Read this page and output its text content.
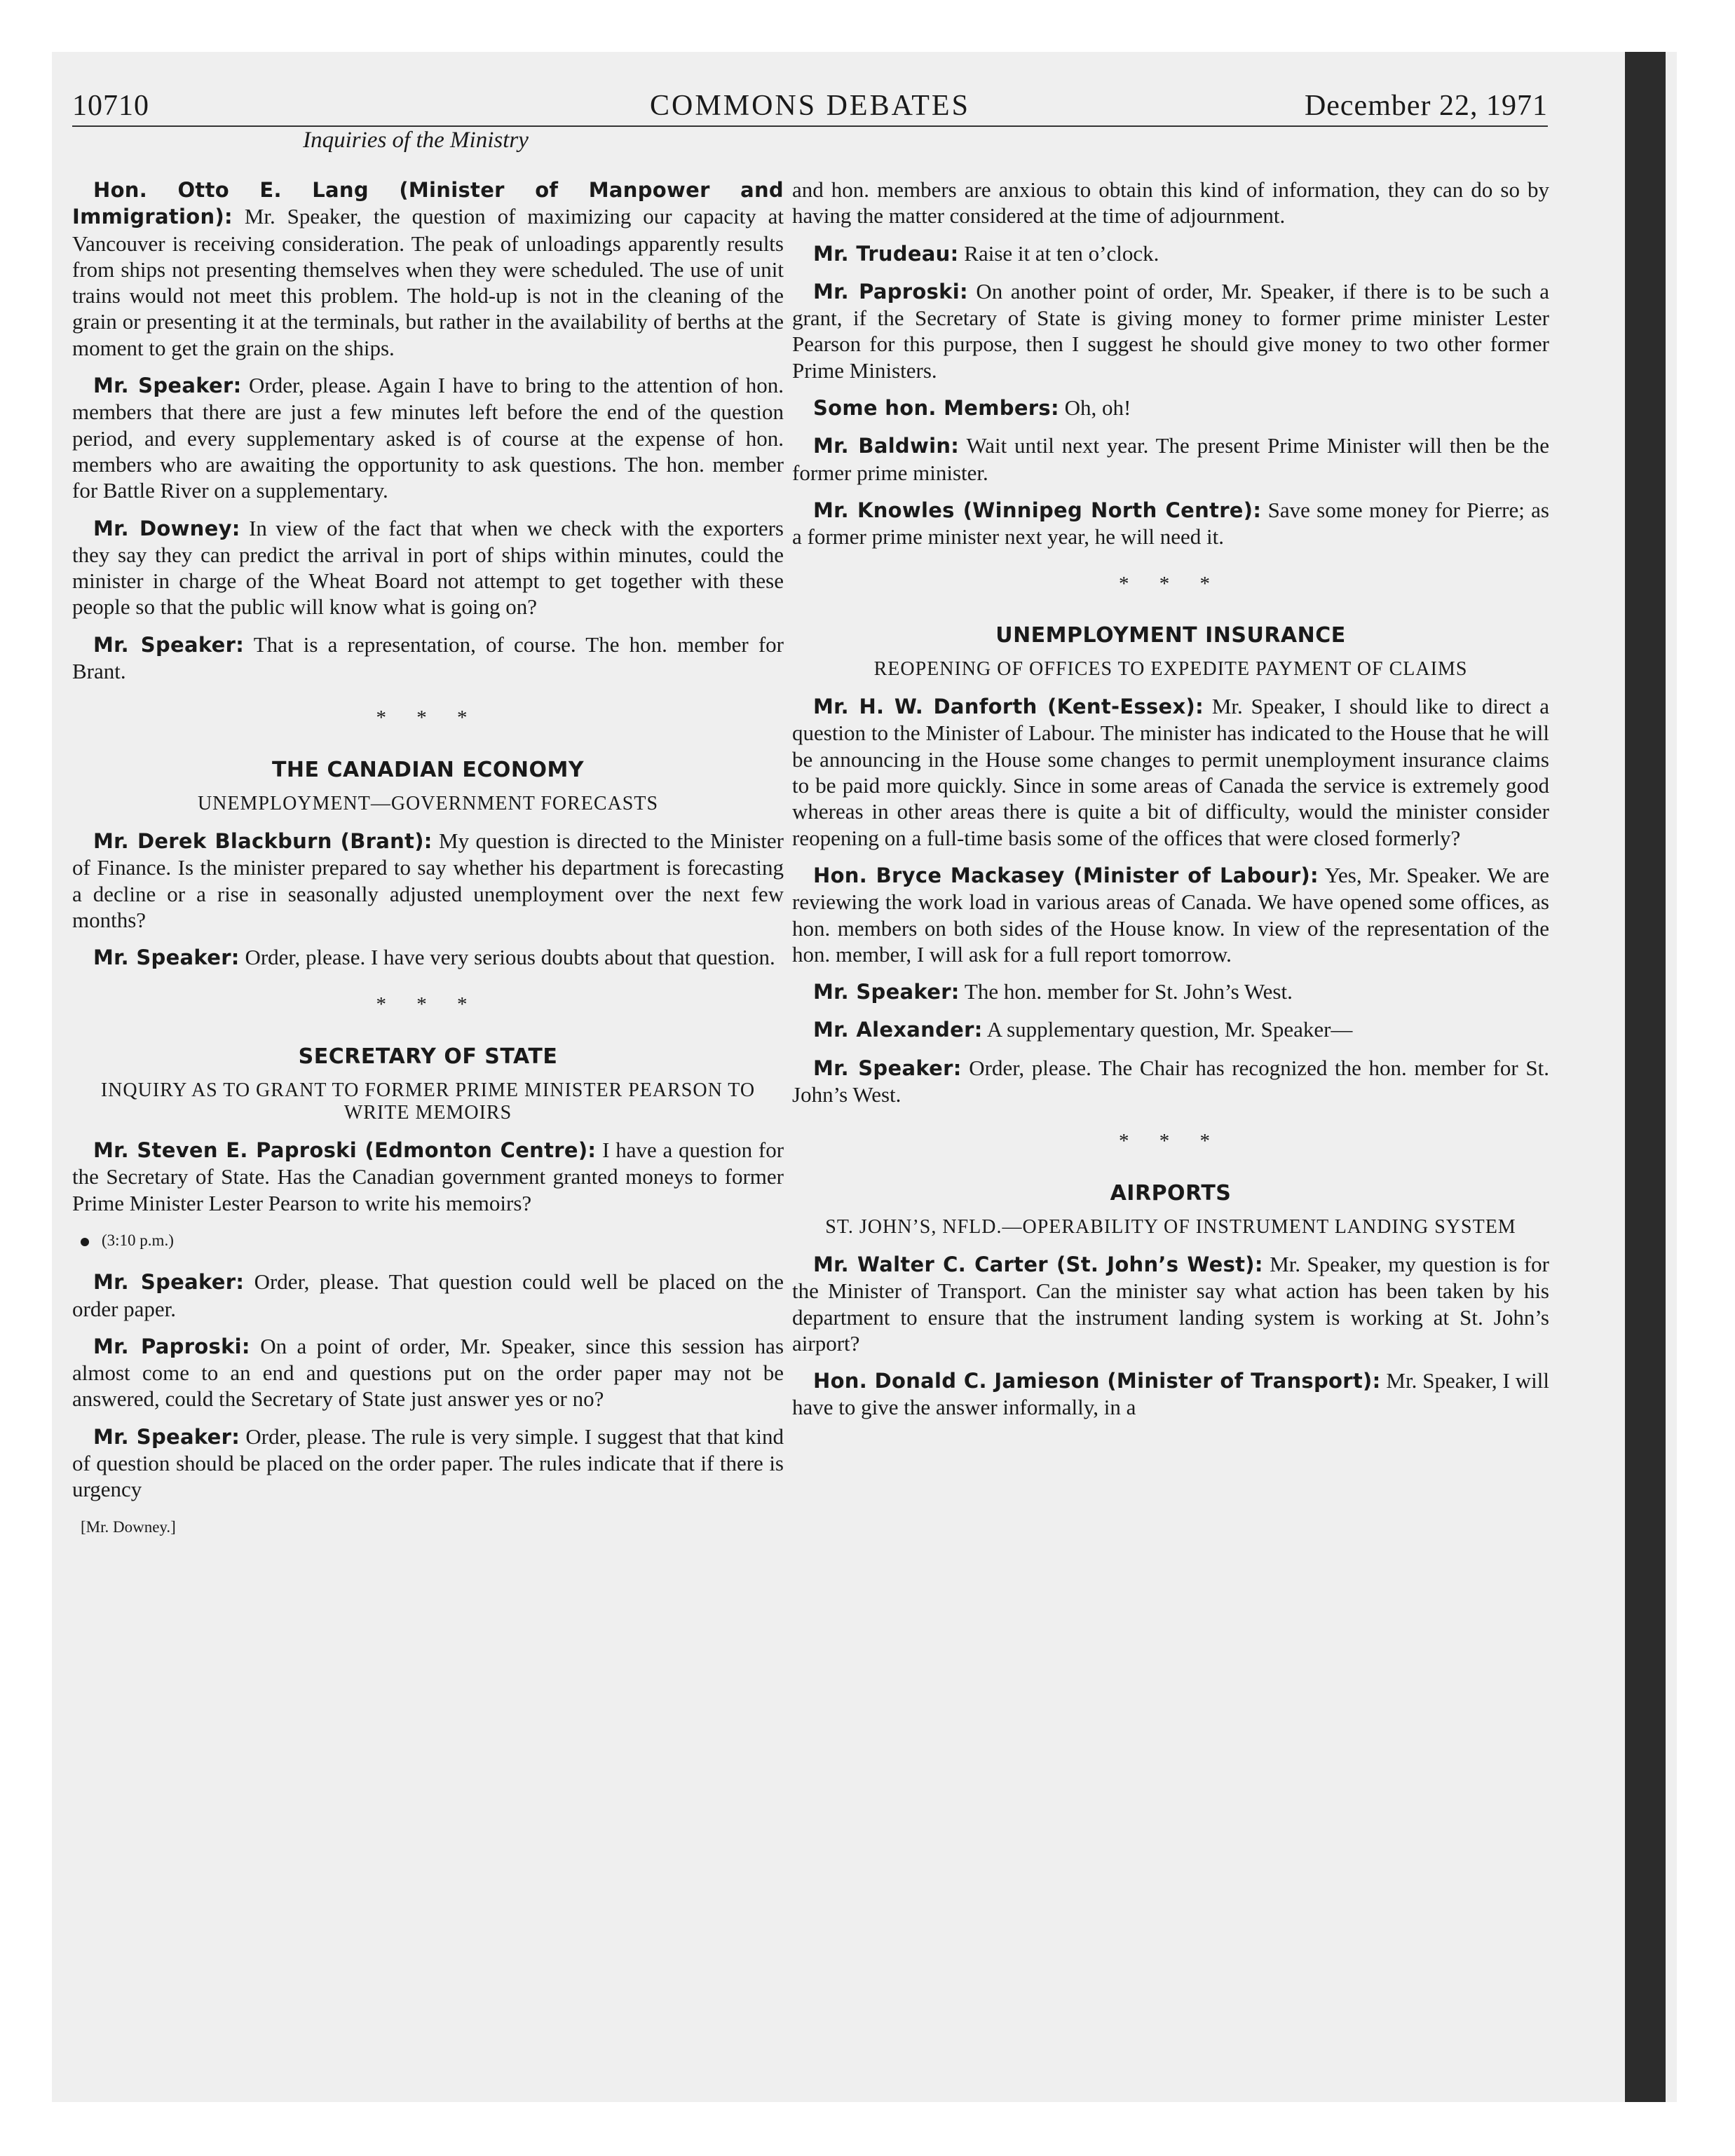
10710	COMMONS DEBATES	December 22, 1971
Inquiries of the Ministry

Hon. Otto E. Lang (Minister of Manpower and Immigration): Mr. Speaker, the question of maximizing our capacity at Vancouver is receiving consideration. The peak of unloadings apparently results from ships not presenting themselves when they were scheduled. The use of unit trains would not meet this problem. The hold-up is not in the cleaning of the grain or presenting it at the terminals, but rather in the availability of berths at the moment to get the grain on the ships.

Mr. Speaker: Order, please. Again I have to bring to the attention of hon. members that there are just a few minutes left before the end of the question period, and every supplementary asked is of course at the expense of hon. members who are awaiting the opportunity to ask questions. The hon. member for Battle River on a supplementary.

Mr. Downey: In view of the fact that when we check with the exporters they say they can predict the arrival in port of ships within minutes, could the minister in charge of the Wheat Board not attempt to get together with these people so that the public will know what is going on?

Mr. Speaker: That is a representation, of course. The hon. member for Brant.

* * *
THE CANADIAN ECONOMY
UNEMPLOYMENT—GOVERNMENT FORECASTS

Mr. Derek Blackburn (Brant): My question is directed to the Minister of Finance. Is the minister prepared to say whether his department is forecasting a decline or a rise in seasonally adjusted unemployment over the next few months?

Mr. Speaker: Order, please. I have very serious doubts about that question.

* * *
SECRETARY OF STATE
INQUIRY AS TO GRANT TO FORMER PRIME MINISTER PEARSON TO WRITE MEMOIRS

Mr. Steven E. Paproski (Edmonton Centre): I have a question for the Secretary of State. Has the Canadian government granted moneys to former Prime Minister Lester Pearson to write his memoirs?

(3:10 p.m.)

Mr. Speaker: Order, please. That question could well be placed on the order paper.

Mr. Paproski: On a point of order, Mr. Speaker, since this session has almost come to an end and questions put on the order paper may not be answered, could the Secretary of State just answer yes or no?

Mr. Speaker: Order, please. The rule is very simple. I suggest that that kind of question should be placed on the order paper. The rules indicate that if there is urgency

[Mr. Downey.]

and hon. members are anxious to obtain this kind of information, they can do so by having the matter considered at the time of adjournment.

Mr. Trudeau: Raise it at ten o’clock.

Mr. Paproski: On another point of order, Mr. Speaker, if there is to be such a grant, if the Secretary of State is giving money to former prime minister Lester Pearson for this purpose, then I suggest he should give money to two other former Prime Ministers.

Some hon. Members: Oh, oh!

Mr. Baldwin: Wait until next year. The present Prime Minister will then be the former prime minister.

Mr. Knowles (Winnipeg North Centre): Save some money for Pierre; as a former prime minister next year, he will need it.

* * *
UNEMPLOYMENT INSURANCE
REOPENING OF OFFICES TO EXPEDITE PAYMENT OF CLAIMS

Mr. H. W. Danforth (Kent-Essex): Mr. Speaker, I should like to direct a question to the Minister of Labour. The minister has indicated to the House that he will be announcing in the House some changes to permit unemployment insurance claims to be paid more quickly. Since in some areas of Canada the service is extremely good whereas in other areas there is quite a bit of difficulty, would the minister consider reopening on a full-time basis some of the offices that were closed formerly?

Hon. Bryce Mackasey (Minister of Labour): Yes, Mr. Speaker. We are reviewing the work load in various areas of Canada. We have opened some offices, as hon. members on both sides of the House know. In view of the representation of the hon. member, I will ask for a full report tomorrow.

Mr. Speaker: The hon. member for St. John’s West.

Mr. Alexander: A supplementary question, Mr. Speaker—

Mr. Speaker: Order, please. The Chair has recognized the hon. member for St. John’s West.

* * *
AIRPORTS
ST. JOHN’S, NFLD.—OPERABILITY OF INSTRUMENT LANDING SYSTEM

Mr. Walter C. Carter (St. John’s West): Mr. Speaker, my question is for the Minister of Transport. Can the minister say what action has been taken by his department to ensure that the instrument landing system is working at St. John’s airport?

Hon. Donald C. Jamieson (Minister of Transport): Mr. Speaker, I will have to give the answer informally, in a
